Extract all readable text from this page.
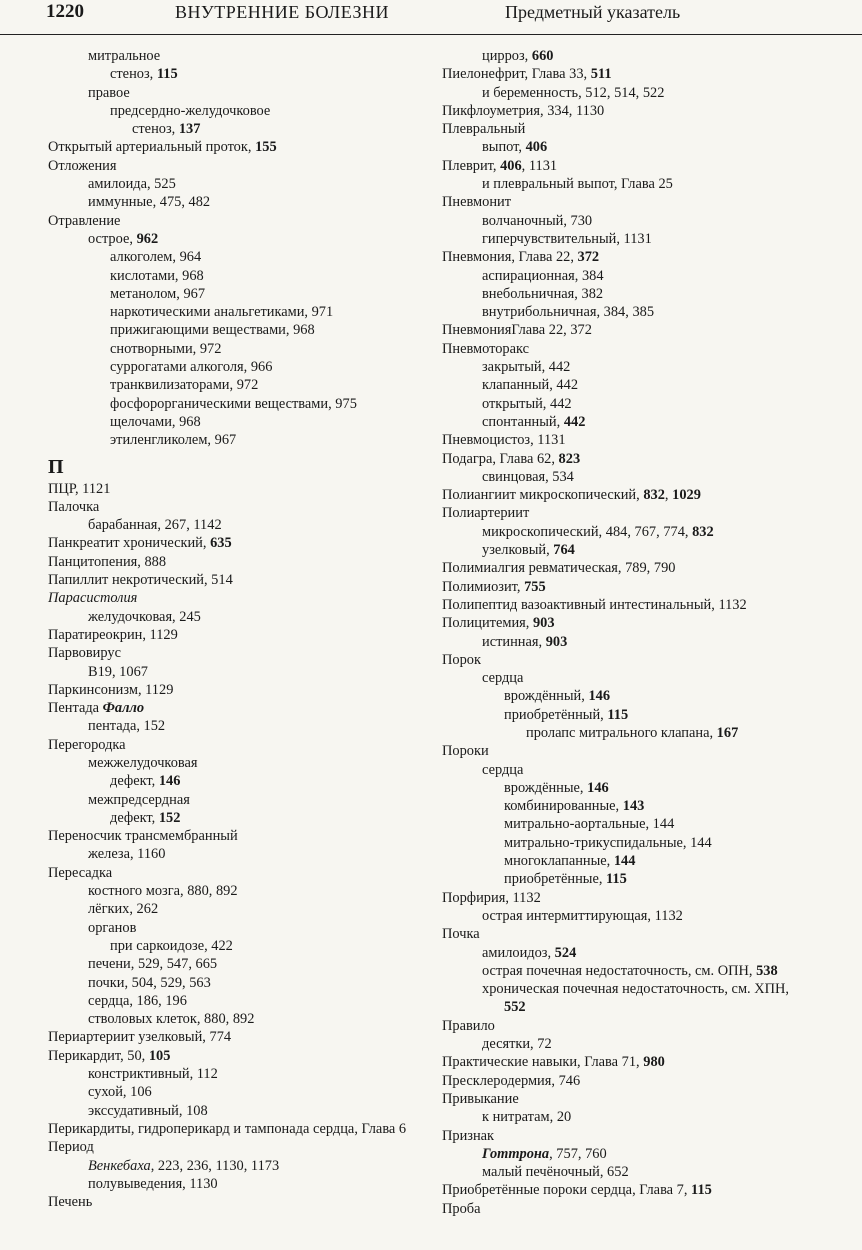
1220	ВНУТРЕННИЕ БОЛЕЗНИ	Предметный указатель
митральное
стеноз, 115
правое
предсердно-желудочковое
стеноз, 137
Открытый артериальный проток, 155
Отложения
амилоида, 525
иммунные, 475, 482
Отравление
острое, 962
алкоголем, 964
кислотами, 968
метанолом, 967
наркотическими анальгетиками, 971
прижигающими веществами, 968
снотворными, 972
суррогатами алкоголя, 966
транквилизаторами, 972
фосфорорганическими веществами, 975
щелочами, 968
этиленгликолем, 967
П
ПЦР, 1121
Палочка
барабанная, 267, 1142
Панкреатит хронический, 635
Панцитопения, 888
Папиллит некротический, 514
Парасистолия
желудочковая, 245
Паратиреокрин, 1129
Парвовирус
B19, 1067
Паркинсонизм, 1129
Пентада Фалло
пентада, 152
Перегородка
межжелудочковая
дефект, 146
межпредсердная
дефект, 152
Переносчик трансмембранный
железа, 1160
Пересадка
костного мозга, 880, 892
лёгких, 262
органов
при саркоидозе, 422
печени, 529, 547, 665
почки, 504, 529, 563
сердца, 186, 196
стволовых клеток, 880, 892
Периартериит узелковый, 774
Перикардит, 50, 105
констриктивный, 112
сухой, 106
экссудативный, 108
Перикардиты, гидроперикард и тампонада сердца, Глава 6
Период
Венкебаха, 223, 236, 1130, 1173
полувыведения, 1130
Печень
цирроз, 660
Пиелонефрит, Глава 33, 511
и беременность, 512, 514, 522
Пикфлоуметрия, 334, 1130
Плевральный
выпот, 406
Плеврит, 406, 1131
и плевральный выпот, Глава 25
Пневмонит
волчаночный, 730
гиперчувствительный, 1131
Пневмония, Глава 22, 372
аспирационная, 384
внебольничная, 382
внутрибольничная, 384, 385
ПневмонияГлава 22, 372
Пневмоторакс
закрытый, 442
клапанный, 442
открытый, 442
спонтанный, 442
Пневмоцистоз, 1131
Подагра, Глава 62, 823
свинцовая, 534
Полиангиит микроскопический, 832, 1029
Полиартериит
микроскопический, 484, 767, 774, 832
узелковый, 764
Полимиалгия ревматическая, 789, 790
Полимиозит, 755
Полипептид вазоактивный интестинальный, 1132
Полицитемия, 903
истинная, 903
Порок
сердца
врождённый, 146
приобретённый, 115
пролапс митрального клапана, 167
Пороки
сердца
врождённые, 146
комбинированные, 143
митрально-аортальные, 144
митрально-трикуспидальные, 144
многоклапанные, 144
приобретённые, 115
Порфирия, 1132
острая интермиттирующая, 1132
Почка
амилоидоз, 524
острая почечная недостаточность, см. ОПН, 538
хроническая почечная недостаточность, см. ХПН,
552
Правило
десятки, 72
Практические навыки, Глава 71, 980
Пресклеродермия, 746
Привыкание
к нитратам, 20
Признак
Готтрона, 757, 760
малый печёночный, 652
Приобретённые пороки сердца, Глава 7, 115
Проба
